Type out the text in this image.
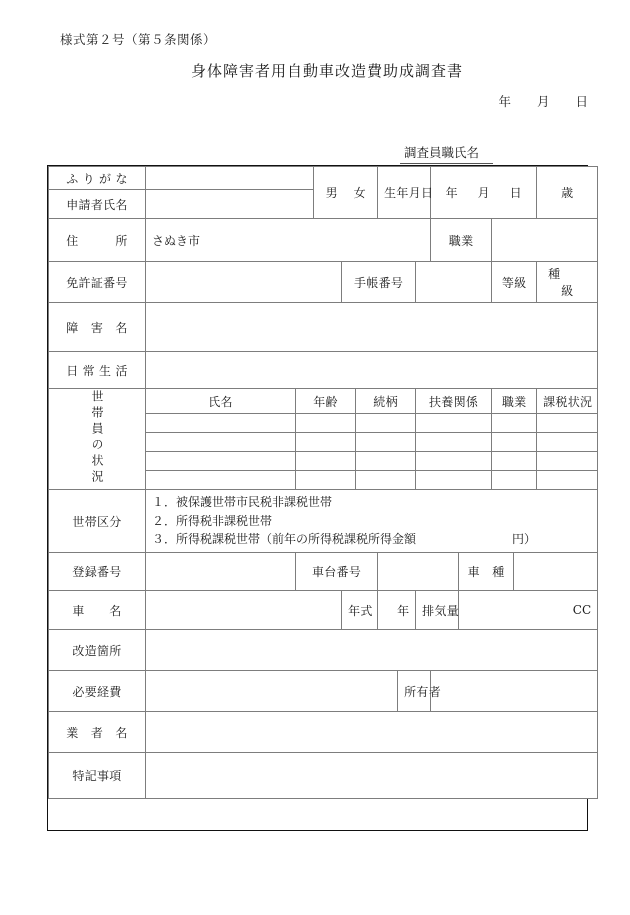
様式第２号（第５条関係）
身体障害者用自動車改造費助成調査書
年 月 日
調査員職氏名
ふ り が な			男 女			生年月日			年 月 日				歳
申請者氏名													
住　　　所	さぬき市								職業				
免許証番号				手帳番号							等級		種級
障　害　名													
日 常 生 活													
世帯員の状況	氏名	年齢			続柄			扶養関係			職業		課税状況

世帯区分	１．被保護世帯市民税非課税世帯
２．所得税非課税世帯
３．所得税課税世帯（前年の所得税課税所得金額 円）												

登録番号		車台番号								車　種			
車　　名				年式		年		排気量		CC			
改造箇所													
必要経費							所有者						
業　者　名													
特記事項													
